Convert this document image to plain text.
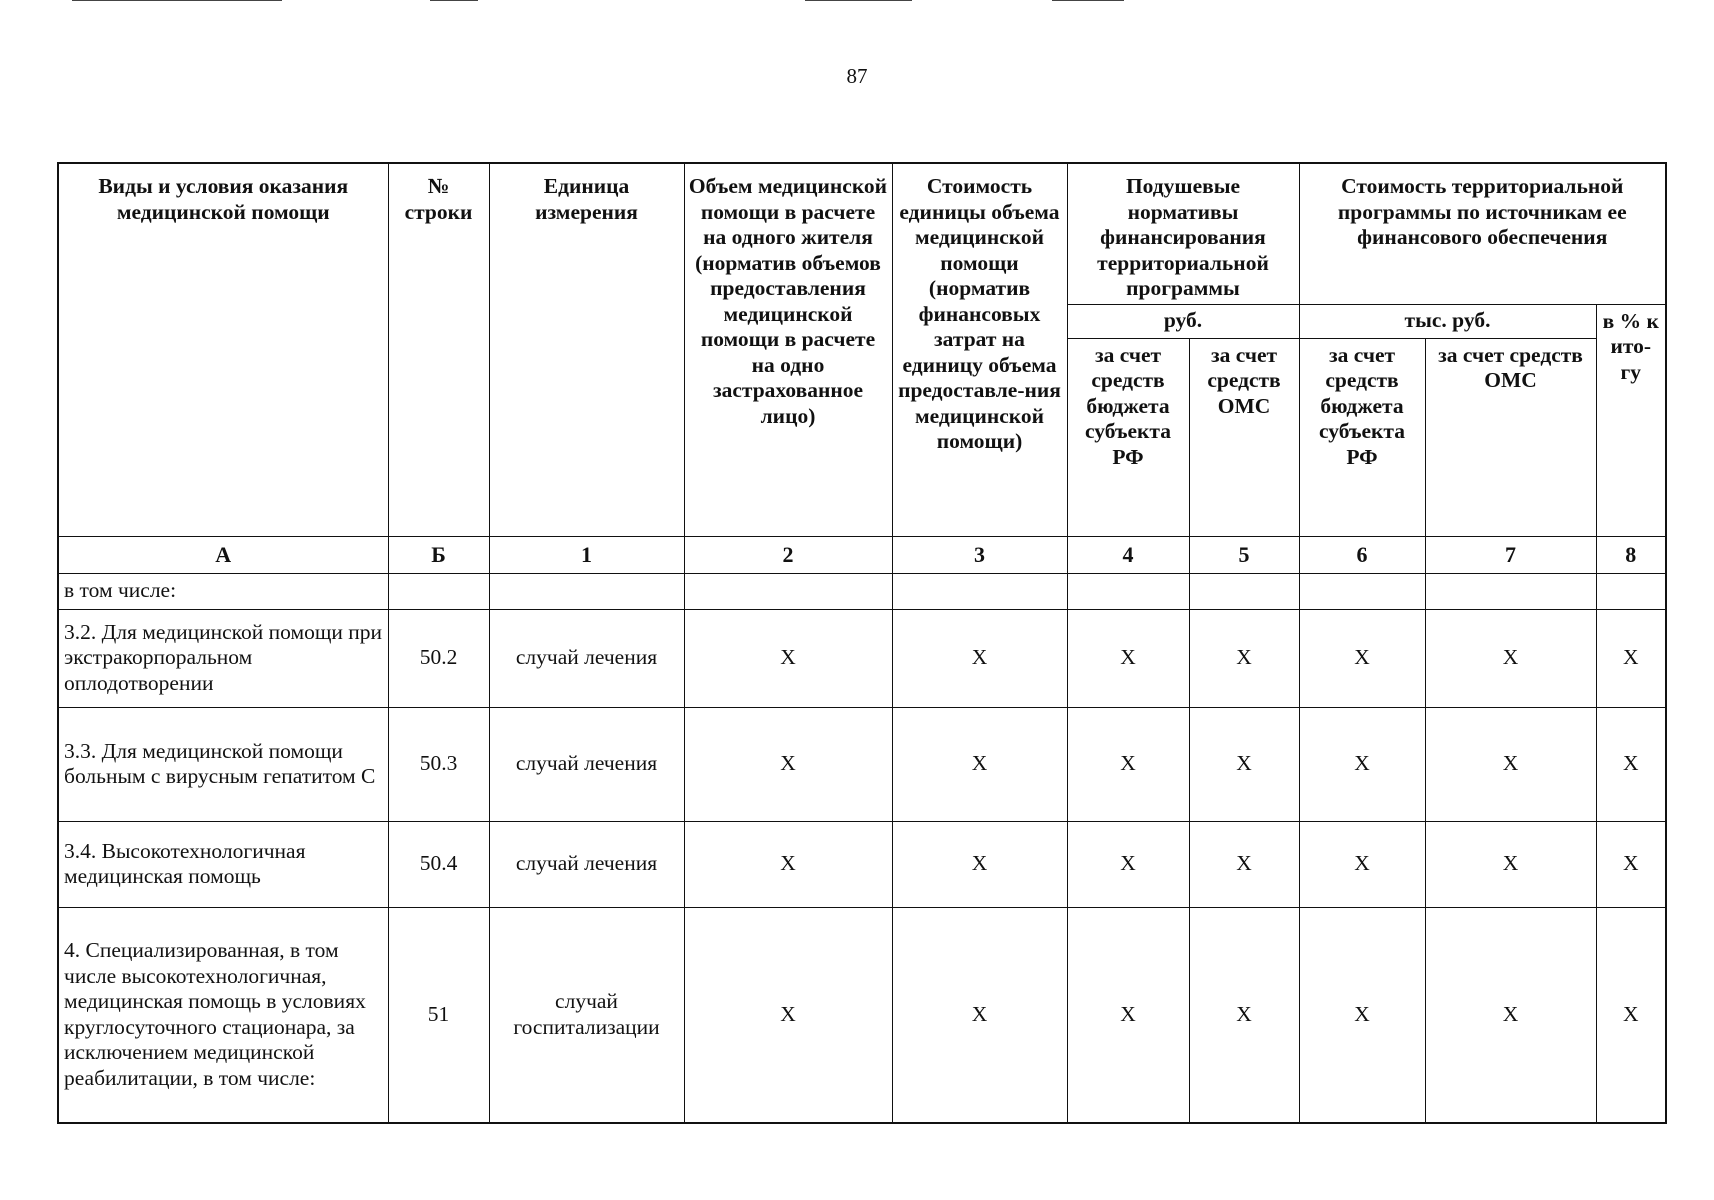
87
Виды и условия оказания медицинской помощи	№ строки	Единица измерения	Объем медицинской помощи в расчете на одного жителя (норматив объемов предоставления медицинской помощи в расчете на одно застрахованное лицо)	Стоимость единицы объема медицинской помощи (норматив финансовых затрат на единицу объема предоставле-ния медицинской помощи)	Подушевые нормативы финансирования территориальной программы		Стоимость территориальной программы по источникам ее финансового обеспечения		
					руб.		тыс. руб.		в % к ито-гу
					за счет средств бюджета субъекта РФ	за счет средств ОМС	за счет средств бюджета субъекта РФ	за счет средств ОМС	
А	Б	1	2	3	4	5	6	7	8
в том числе:									
3.2. Для медицинской помощи при экстракорпоральном оплодотворении	50.2	случай лечения	Х	Х	Х	Х	Х	Х	Х
3.3. Для медицинской помощи больным с вирусным гепатитом С	50.3	случай лечения	Х	Х	Х	Х	Х	Х	Х
3.4. Высокотехнологичная медицинская помощь	50.4	случай лечения	Х	Х	Х	Х	Х	Х	Х
4. Специализированная, в том числе высокотехнологичная, медицинская помощь в условиях круглосуточного стационара, за исключением медицинской реабилитации, в том числе:	51	случай госпитализации	Х	Х	Х	Х	Х	Х	Х
